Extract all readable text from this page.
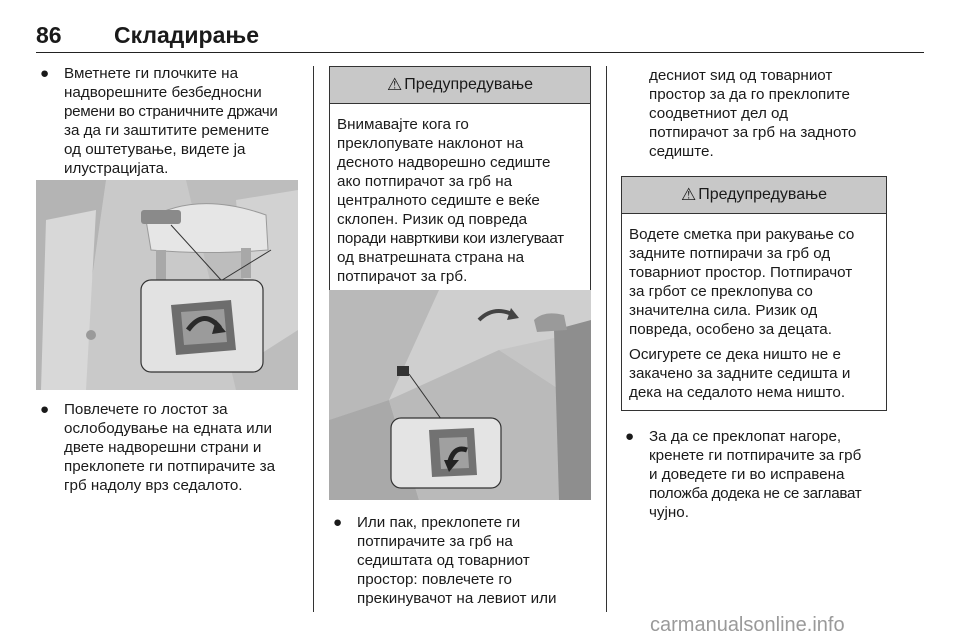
86 Складирање
● Вметнете ги плочките на
надворешните безбедносни
ремени во страничните држачи
за да ги заштитите ремените
од оштетување, видете ја
илустрацијата.
● Повлечете го лостот за
ослободување на едната или
двете надворешни страни и
преклопете ги потпирачите за
грб надолу врз седалото.
⚠ Предупредување
Внимавајте кога го
преклопувате наклонот на
десното надворешно седиште
ако потпирачот за грб на
централното седиште е веќе
склопен. Ризик од повреда
поради наврткиви кои излегуваат
од внатрешната страна на
потпирачот за грб.
● Или пак, преклопете ги
потпирачите за грб на
седиштата од товарниот
простор: повлечете го
прекинувачот на левиот или
десниот sид од товарниот
простор за да го преклопите
соодветниот дел од
потпирачот за грб на задното
седиште.
⚠ Предупредување

Водете сметка при ракување со
задните потпирачи за грб од
товарниот простор. Потпирачот
за грбот се преклопува со
значителна сила. Ризик од
повреда, особено за децата.

Осигурете се дека ништо не е
закачено за задните седишта и
дека на седалото нема ништо.

● За да се преклопат нагоре,
кренете ги потпирачите за грб
и доведете ги во исправена
положба додека не се заглават
чујно.
carmanualsonline.info
